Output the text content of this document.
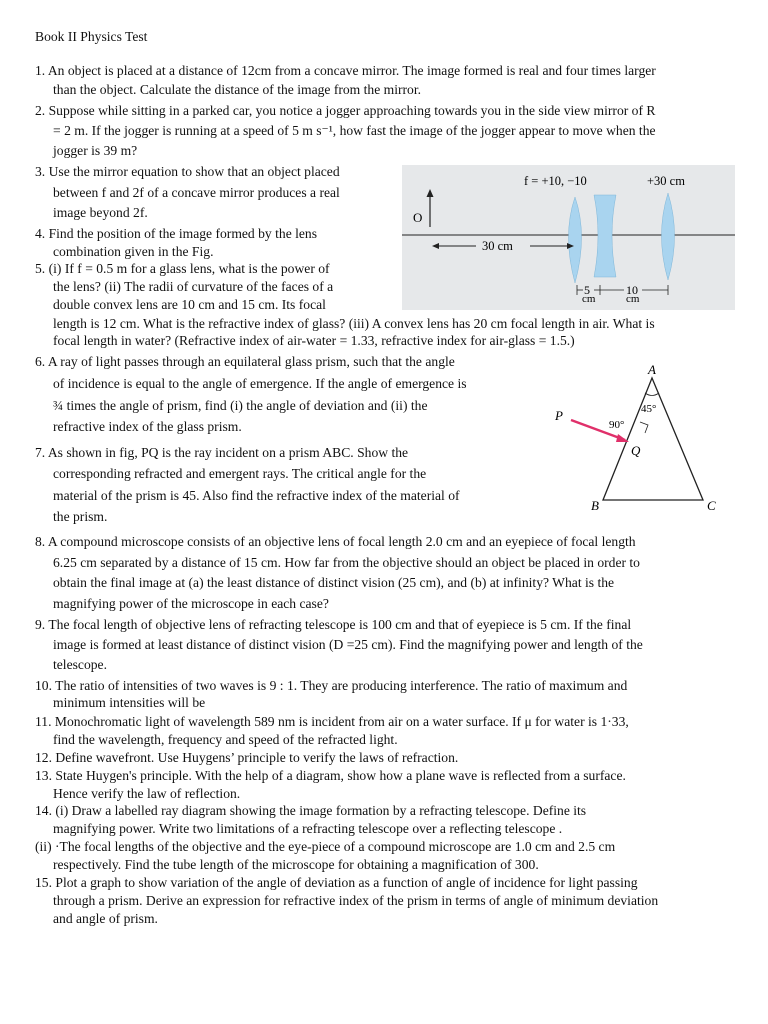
Book II Physics Test
1. An object is placed at a distance of 12cm from a concave mirror. The image formed is real and four times larger
than the object. Calculate the distance of the image from the mirror.
2. Suppose while sitting in a parked car, you notice a jogger approaching towards you in the side view mirror of R
= 2 m. If the jogger is running at a speed of 5 m s⁻¹, how fast the image of the jogger appear to move when the
jogger is 39 m?
3. Use the mirror equation to show that an object placed
between f and 2f of a concave mirror produces a real
image beyond 2f.
4. Find the position of the image formed by the lens
combination given in the Fig.
5. (i) If f = 0.5 m for a glass lens, what is the power of
the lens? (ii) The radii of curvature of the faces of a
double convex lens are 10 cm and 15 cm. Its focal
length is 12 cm. What is the refractive index of glass? (iii) A convex lens has 20 cm focal length in air. What is
focal length in water? (Refractive index of air-water = 1.33, refractive index for air-glass = 1.5.)
6. A ray of light passes through an equilateral glass prism, such that the angle
of incidence is equal to the angle of emergence. If the angle of emergence is
¾ times the angle of prism, find (i) the angle of deviation and (ii) the
refractive index of the glass prism.
7. As shown in fig, PQ is the ray incident on a prism ABC. Show the
corresponding refracted and emergent rays. The critical angle for the
material of the prism is 45. Also find the refractive index of the material of
the prism.
8. A compound microscope consists of an objective lens of focal length 2.0 cm and an eyepiece of focal length
6.25 cm separated by a distance of 15 cm. How far from the objective should an object be placed in order to
obtain the final image at (a) the least distance of distinct vision (25 cm), and (b) at infinity? What is the
magnifying power of the microscope in each case?
9. The focal length of objective lens of refracting telescope is 100 cm and that of eyepiece is 5 cm. If the final
image is formed at least distance of distinct vision (D =25 cm). Find the magnifying power and length of the
telescope.
10. The ratio of intensities of two waves is 9 : 1. They are producing interference. The ratio of maximum and
minimum intensities will be
11. Monochromatic light of wavelength 589 nm is incident from air on a water surface. If μ for water is 1·33,
find the wavelength, frequency and speed of the refracted light.
12. Define wavefront. Use Huygens’ principle to verify the laws of refraction.
13. State Huygen's principle. With the help of a diagram, show how a plane wave is reflected from a surface.
Hence verify the law of reflection.
14. (i) Draw a labelled ray diagram showing the image formation by a refracting telescope. Define its
magnifying power. Write two limitations of a refracting telescope over a reflecting telescope .
(ii) ·The focal lengths of the objective and the eye-piece of a compound microscope are 1.0 cm and 2.5 cm
respectively. Find the tube length of the microscope for obtaining a magnification of 300.
15. Plot a graph to show variation of the angle of deviation as a function of angle of incidence for light passing
through a prism. Derive an expression for refractive index of the prism in terms of angle of minimum deviation
and angle of prism.
O
f = +10, −10	+30 cm
30 cm
5
cm
10
cm
A
B	C
P
Q
90°
45°
